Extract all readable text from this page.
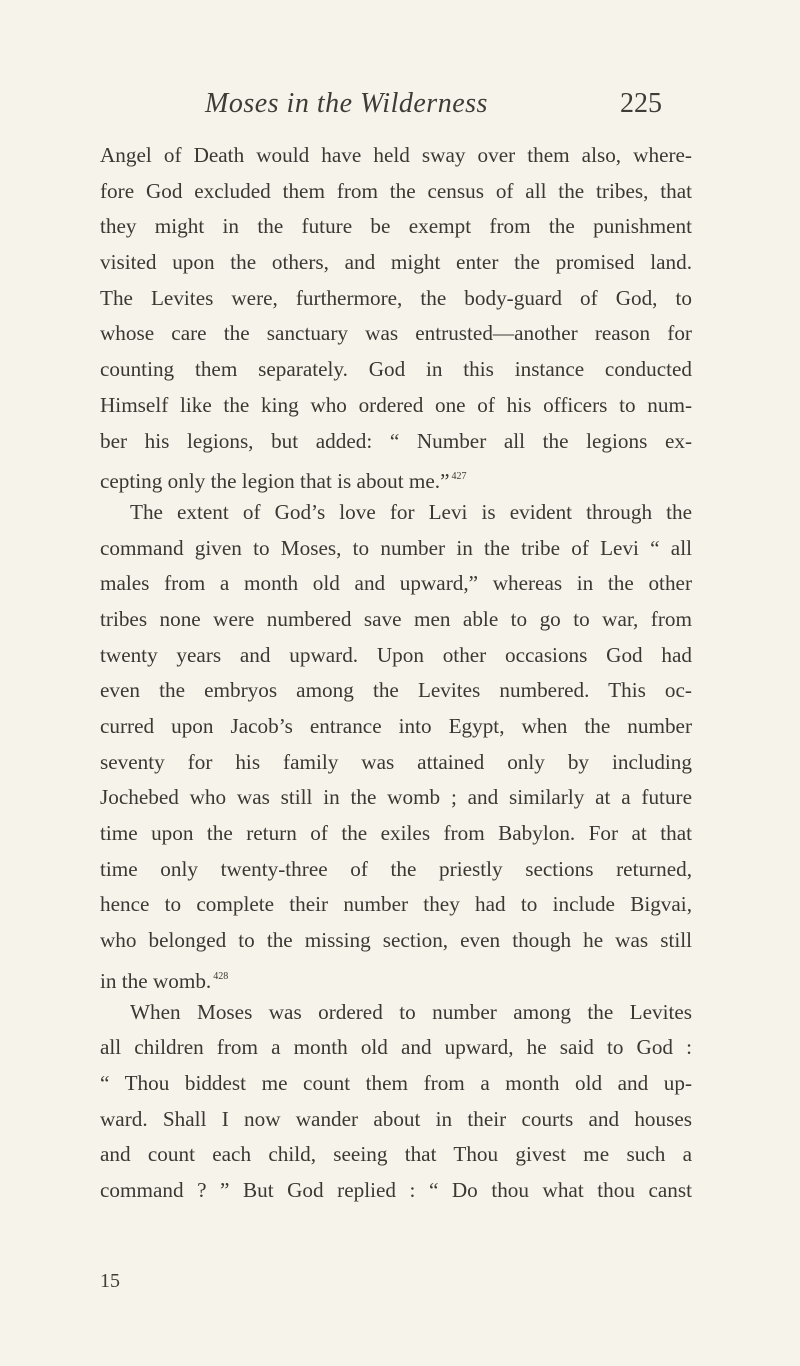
Moses in the Wilderness	225
Angel of Death would have held sway over them also, where-
fore God excluded them from the census of all the tribes, that
they might in the future be exempt from the punishment
visited upon the others, and might enter the promised land.
The Levites were, furthermore, the body-guard of God, to
whose care the sanctuary was entrusted—another reason for
counting them separately. God in this instance conducted
Himself like the king who ordered one of his officers to num-
ber his legions, but added: “ Number all the legions ex-
cepting only the legion that is about me.” $^{427}$
The extent of God’s love for Levi is evident through the
command given to Moses, to number in the tribe of Levi “ all
males from a month old and upward,” whereas in the other
tribes none were numbered save men able to go to war, from
twenty years and upward. Upon other occasions God had
even the embryos among the Levites numbered. This oc-
curred upon Jacob’s entrance into Egypt, when the number
seventy for his family was attained only by including
Jochebed who was still in the womb ; and similarly at a future
time upon the return of the exiles from Babylon. For at that
time only twenty-three of the priestly sections returned,
hence to complete their number they had to include Bigvai,
who belonged to the missing section, even though he was still
in the womb. $^{428}$
When Moses was ordered to number among the Levites
all children from a month old and upward, he said to God :
“ Thou biddest me count them from a month old and up-
ward. Shall I now wander about in their courts and houses
and count each child, seeing that Thou givest me such a
command ? ” But God replied : “ Do thou what thou canst
15
